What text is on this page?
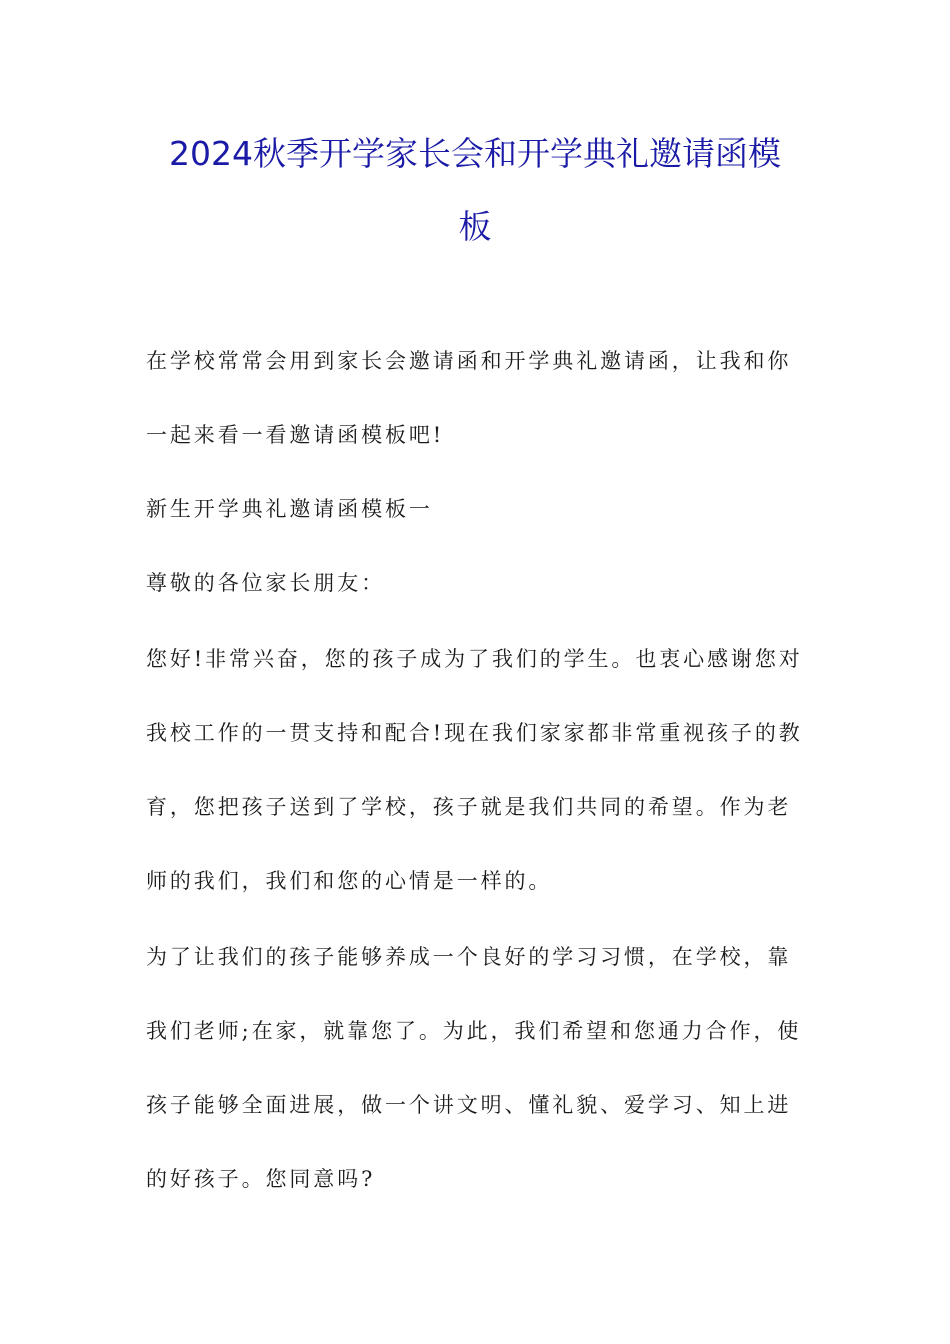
2024秋季开学家长会和开学典礼邀请函模
板
在学校常常会用到家长会邀请函和开学典礼邀请函，让我和你
一起来看一看邀请函模板吧!
新生开学典礼邀请函模板一
尊敬的各位家长朋友：
您好!非常兴奋，您的孩子成为了我们的学生。也衷心感谢您对
我校工作的一贯支持和配合!现在我们家家都非常重视孩子的教
育，您把孩子送到了学校，孩子就是我们共同的希望。作为老
师的我们，我们和您的心情是一样的。
为了让我们的孩子能够养成一个良好的学习习惯，在学校，靠
我们老师;在家，就靠您了。为此，我们希望和您通力合作，使
孩子能够全面进展，做一个讲文明、懂礼貌、爱学习、知上进
的好孩子。您同意吗?
